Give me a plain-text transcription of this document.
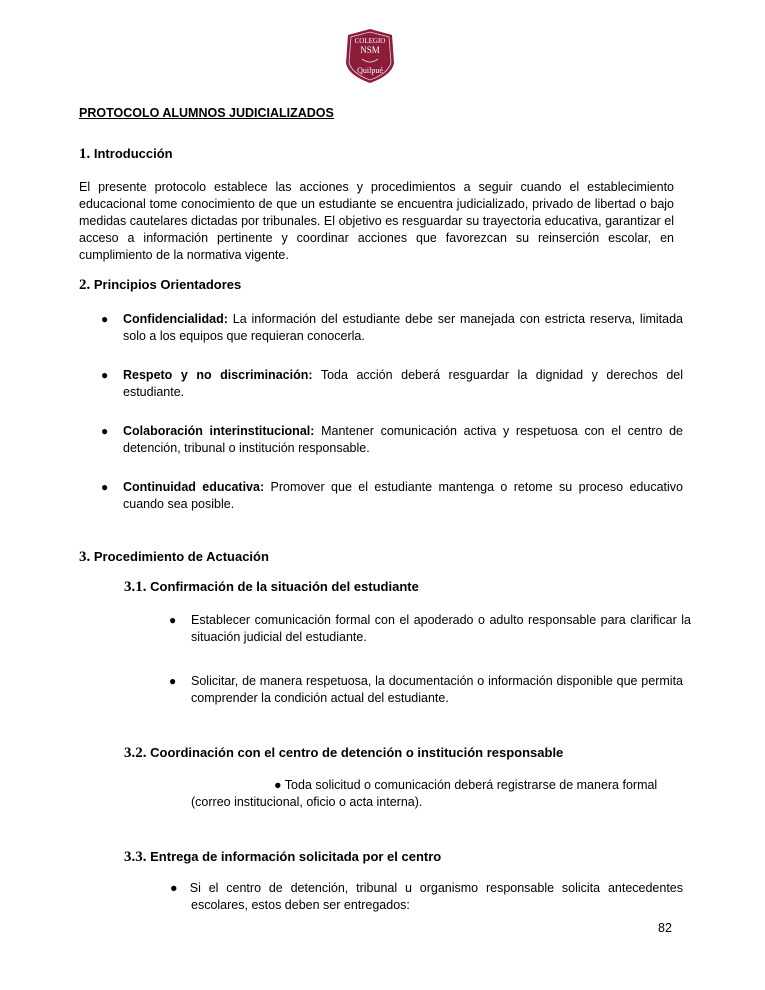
COLEGIO
NSM
Quilpué
PROTOCOLO ALUMNOS JUDICIALIZADOS
1. Introducción
El presente protocolo establece las acciones y procedimientos a seguir cuando el establecimiento educacional tome conocimiento de que un estudiante se encuentra judicializado, privado de libertad o bajo medidas cautelares dictadas por tribunales. El objetivo es resguardar su trayectoria educativa, garantizar el acceso a información pertinente y coordinar acciones que favorezcan su reinserción escolar, en cumplimiento de la normativa vigente.
2. Principios Orientadores
● Confidencialidad: La información del estudiante debe ser manejada con estricta reserva, limitada solo a los equipos que requieran conocerla.
● Respeto y no discriminación: Toda acción deberá resguardar la dignidad y derechos del estudiante.
● Colaboración interinstitucional: Mantener comunicación activa y respetuosa con el centro de detención, tribunal o institución responsable.
● Continuidad educativa: Promover que el estudiante mantenga o retome su proceso educativo cuando sea posible.
3. Procedimiento de Actuación
3.1. Confirmación de la situación del estudiante
● Establecer comunicación formal con el apoderado o adulto responsable para clarificar la situación judicial del estudiante.
● Solicitar, de manera respetuosa, la documentación o información disponible que permita comprender la condición actual del estudiante.
3.2. Coordinación con el centro de detención o institución responsable
● Toda solicitud o comunicación deberá registrarse de manera formal
(correo institucional, oficio o acta interna).
3.3. Entrega de información solicitada por el centro
● Si el centro de detención, tribunal u organismo responsable solicita antecedentes
escolares, estos deben ser entregados:
82
